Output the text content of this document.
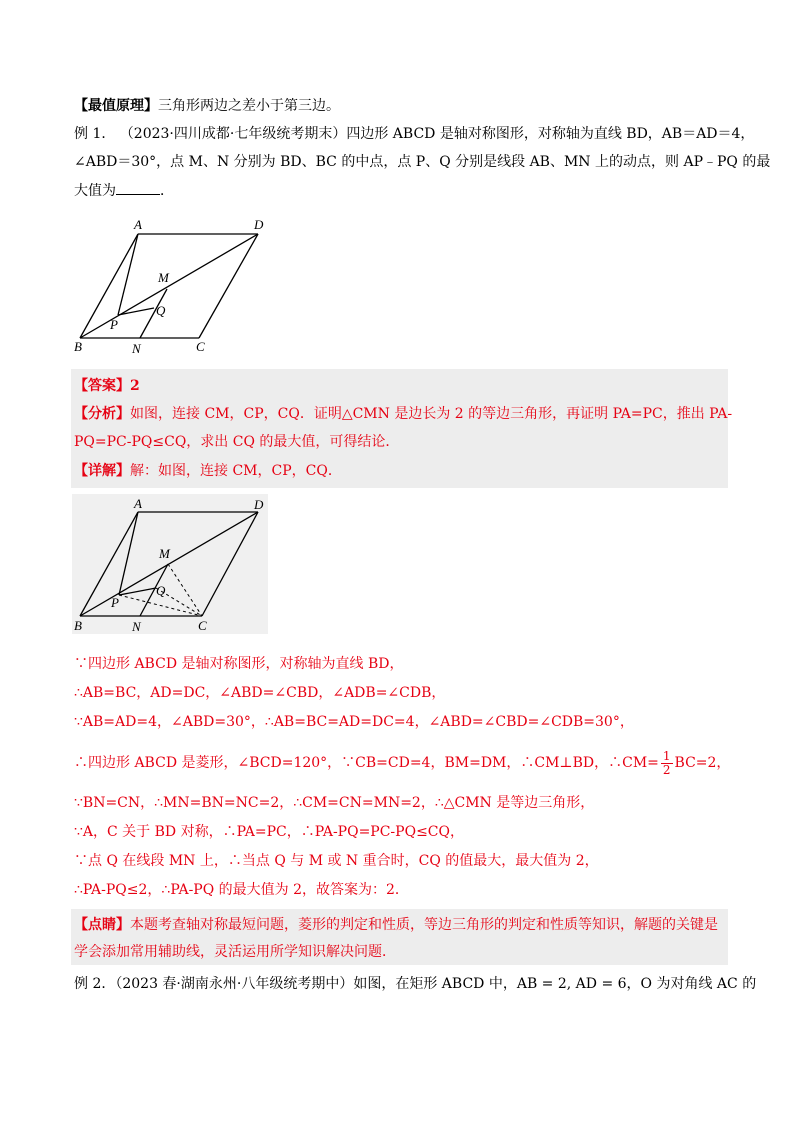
【最值原理】三角形两边之差小于第三边。
例 1． （2023·四川成都·七年级统考期末）四边形 ABCD 是轴对称图形，对称轴为直线 BD，AB＝AD＝4，
∠ABD＝30°，点 M、N 分别为 BD、BC 的中点，点 P、Q 分别是线段 AB、MN 上的动点，则 AP﹣PQ 的最
大值为	．
A	D
M
P
Q
B	N	C
【答案】2
【分析】如图，连接 CM，CP，CQ．证明△CMN 是边长为 2 的等边三角形，再证明 PA=PC，推出 PA-
PQ=PC-PQ≤CQ，求出 CQ 的最大值，可得结论．
【详解】解：如图，连接 CM，CP，CQ．
A	D
M
P
Q
B	N	C
∵四边形 ABCD 是轴对称图形，对称轴为直线 BD，
∴AB=BC，AD=DC，∠ABD=∠CBD，∠ADB=∠CDB，
∵AB=AD=4，∠ABD=30°，∴AB=BC=AD=DC=4，∠ABD=∠CBD=∠CDB=30°，
∴四边形 ABCD 是菱形，∠BCD=120°，∵CB=CD=4，BM=DM，∴CM⊥BD，∴CM= $\frac{1}{2} BC=2$，
∵BN=CN，∴MN=BN=NC=2，∴CM=CN=MN=2，∴△CMN 是等边三角形，
∵A，C 关于 BD 对称，∴PA=PC，∴PA-PQ=PC-PQ≤CQ，
∵点 Q 在线段 MN 上，∴当点 Q 与 M 或 N 重合时，CQ 的值最大，最大值为 2，
∴PA-PQ≤2，∴PA-PQ 的最大值为 2，故答案为：2．
【点睛】本题考查轴对称最短问题，菱形的判定和性质，等边三角形的判定和性质等知识，解题的关键是
学会添加常用辅助线，灵活运用所学知识解决问题．
例 2．（2023 春·湖南永州·八年级统考期中）如图，在矩形 ABCD 中，AB = 2, AD = 6，O 为对角线 AC 的
